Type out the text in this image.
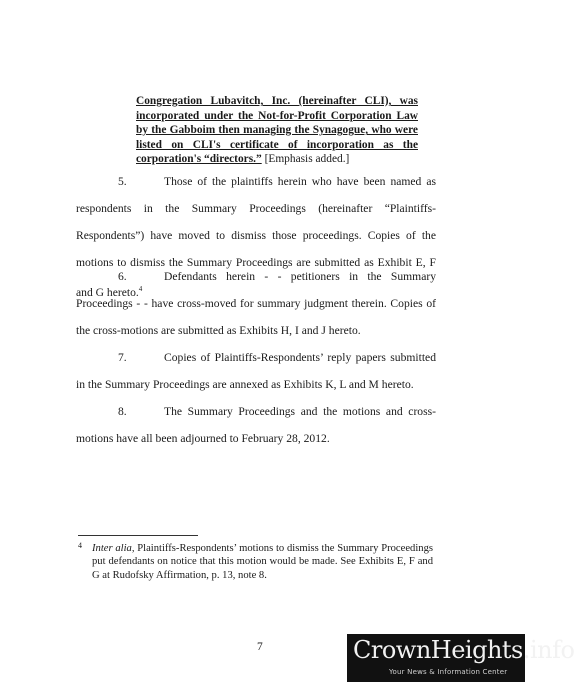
Congregation Lubavitch, Inc. (hereinafter CLI), was incorporated under the Not-for-Profit Corporation Law by the Gabboim then managing the Synagogue, who were listed on CLI's certificate of incorporation as the corporation's “directors.” [Emphasis added.]
5.	Those of the plaintiffs herein who have been named as respondents in the Summary Proceedings (hereinafter “Plaintiffs-Respondents”) have moved to dismiss those proceedings. Copies of the motions to dismiss the Summary Proceedings are submitted as Exhibit E, F and G hereto.$^4$
6.	Defendants herein - - petitioners in the Summary Proceedings - - have cross-moved for summary judgment therein. Copies of the cross-motions are submitted as Exhibits H, I and J hereto.
7.	Copies of Plaintiffs-Respondents’ reply papers submitted in the Summary Proceedings are annexed as Exhibits K, L and M hereto.
8.	The Summary Proceedings and the motions and cross-motions have all been adjourned to February 28, 2012.
4 Inter alia, Plaintiffs-Respondents’ motions to dismiss the Summary Proceedings put defendants on notice that this motion would be made. See Exhibits E, F and G at Rudofsky Affirmation, p. 13, note 8.
7	CrownHeights.info
Your News & Information Center
